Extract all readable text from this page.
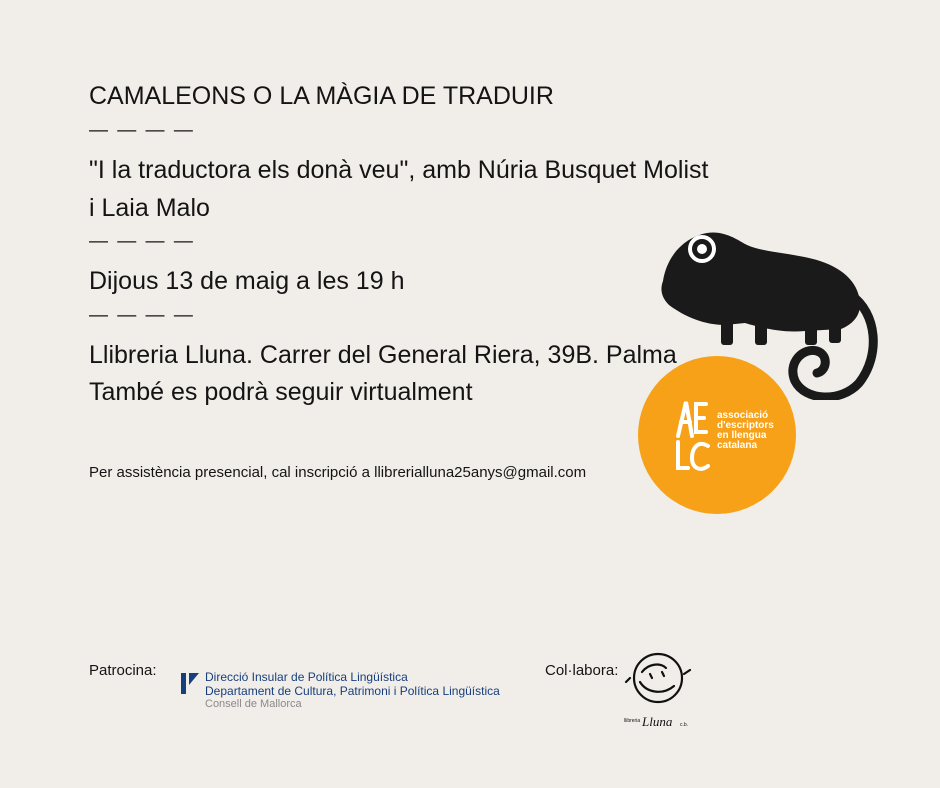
CAMALEONS O LA MÀGIA DE TRADUIR
— — — —
"I la traductora els donà veu", amb Núria Busquet Molist
i Laia Malo
— — — —
Dijous 13 de maig a les 19 h
— — — —
Llibreria Lluna. Carrer del General Riera, 39B. Palma
També es podrà seguir virtualment
Per assistència presencial, cal inscripció a llibrerialluna25anys@gmail.com
associació
d'escriptors
en llengua
catalana
Patrocina:	Direcció Insular de Política Lingüística
Departament de Cultura, Patrimoni i Política Lingüística
Consell de Mallorca
Col·labora:
llibreria Lluna c.b.
